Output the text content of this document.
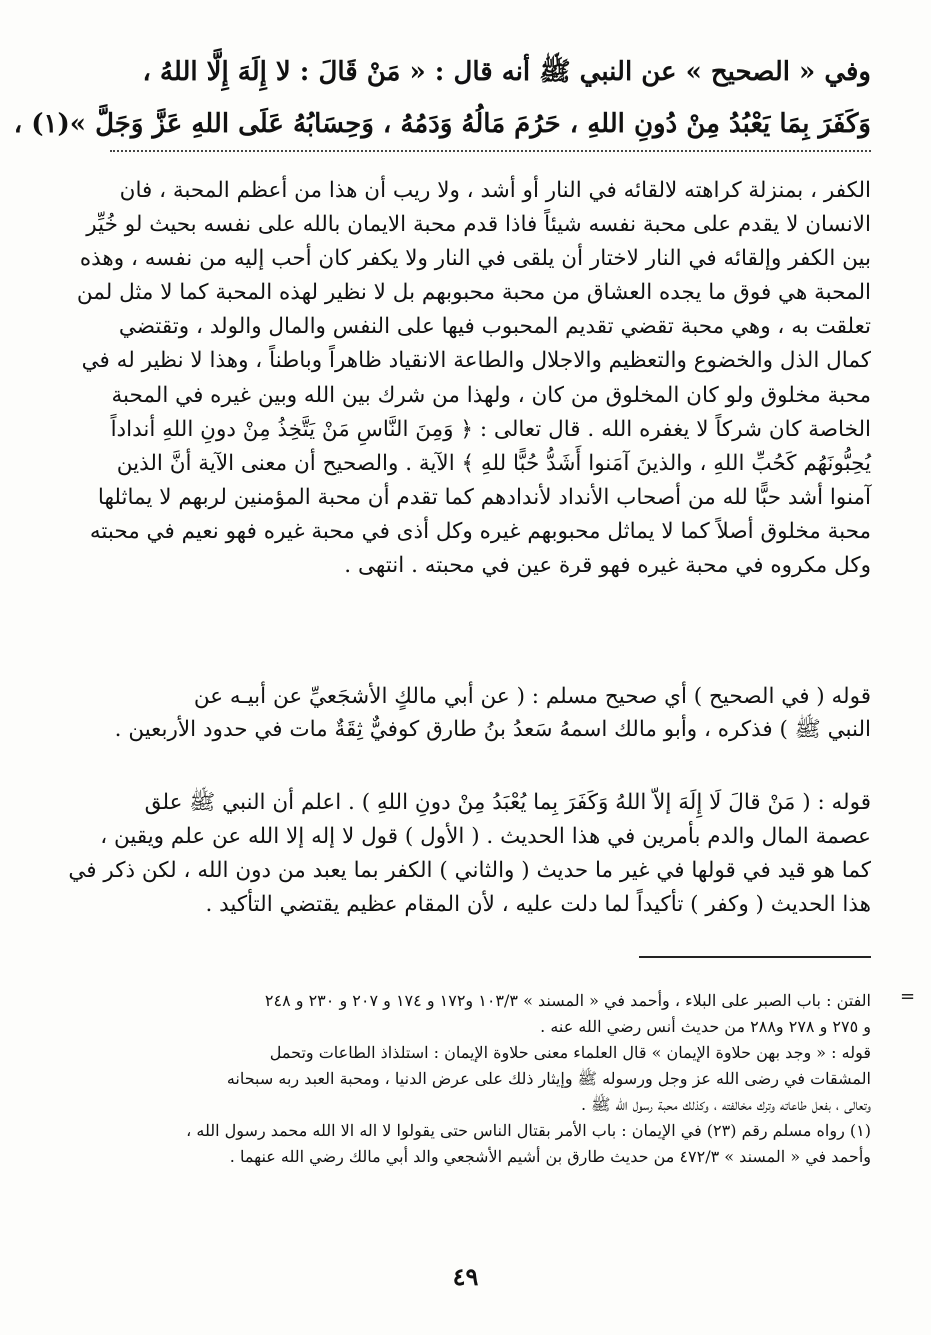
وفي « الصحيح » عن النبي ﷺ أنه قال : « مَنْ قَالَ : لا إِلَهَ إِلَّا اللهُ ،
وَكَفَرَ بِمَا يَعْبُدُ مِنْ دُونِ اللهِ ، حَرُمَ مَالُهُ وَدَمُهُ ، وَحِسَابُهُ عَلَى اللهِ عَزَّ وَجَلَّ »(١) ،
الكفر ، بمنزلة كراهته لالقائه في النار أو أشد ، ولا ريب أن هذا من أعظم المحبة ، فان
الانسان لا يقدم على محبة نفسه شيئاً فاذا قدم محبة الايمان بالله على نفسه بحيث لو خُيِّر
بين الكفر وإلقائه في النار لاختار أن يلقى في النار ولا يكفر كان أحب إليه من نفسه ، وهذه
المحبة هي فوق ما يجده العشاق من محبة محبوبهم بل لا نظير لهذه المحبة كما لا مثل لمن
تعلقت به ، وهي محبة تقضي تقديم المحبوب فيها على النفس والمال والولد ، وتقتضي
كمال الذل والخضوع والتعظيم والاجلال والطاعة الانقياد ظاهراً وباطناً ، وهذا لا نظير له في
محبة مخلوق ولو كان المخلوق من كان ، ولهذا من شرك بين الله وبين غيره في المحبة
الخاصة كان شركاً لا يغفره الله . قال تعالى : ﴿ وَمِنَ النَّاسِ مَنْ يَتَّخِذُ مِنْ دونِ اللهِ أنداداً
يُحِبُّونَهُم كَحُبِّ اللهِ ، والذينَ آمَنوا أَشَدُّ حُبًّا للهِ ﴾ الآية . والصحيح أن معنى الآية أنَّ الذين
آمنوا أشد حبًّا لله من أصحاب الأنداد لأندادهم كما تقدم أن محبة المؤمنين لربهم لا يماثلها
محبة مخلوق أصلاً كما لا يماثل محبوبهم غيره وكل أذى في محبة غيره فهو نعيم في محبته
وكل مكروه في محبة غيره فهو قرة عين في محبته . انتهى .
قوله ( في الصحيح ) أي صحيح مسلم : ( عن أبي مالكٍ الأشجَعيِّ عن أبيـه عن
النبي ﷺ ) فذكره ، وأبو مالك اسمهُ سَعدُ بنُ طارق كوفيٌّ ثِقَةٌ مات في حدود الأربعين .
قوله : ( مَنْ قالَ لَا إِلَهَ إلاّ اللهُ وَكَفَرَ بِما يُعْبَدُ مِنْ دونِ اللهِ ) . اعلم أن النبي ﷺ علق
عصمة المال والدم بأمرين في هذا الحديث . ( الأول ) قول لا إله إلا الله عن علم ويقين ،
كما هو قيد في قولها في غير ما حديث ( والثاني ) الكفر بما يعبد من دون الله ، لكن ذكر في
هذا الحديث ( وكفر ) تأكيداً لما دلت عليه ، لأن المقام عظيم يقتضي التأكيد .
=
الفتن : باب الصبر على البلاء ، وأحمد في « المسند » ١٠٣/٣ و١٧٢ و ١٧٤ و ٢٠٧ و ٢٣٠ و ٢٤٨
و ٢٧٥ و ٢٧٨ و٢٨٨ من حديث أنس رضي الله عنه .
قوله : « وجد بهن حلاوة الإيمان » قال العلماء معنى حلاوة الإيمان : استلذاذ الطاعات وتحمل
المشقات في رضى الله عز وجل ورسوله ﷺ وإيثار ذلك على عرض الدنيا ، ومحبة العبد ربه سبحانه
وتعالى ، بفعل طاعاته وترك مخالفته ، وكذلك محبة رسول الله ﷺ .
(١) رواه مسلم رقم (٢٣) في الإيمان : باب الأمر بقتال الناس حتى يقولوا لا اله الا الله محمد رسول الله ،
وأحمد في « المسند » ٤٧٢/٣ من حديث طارق بن أشيم الأشجعي والد أبي مالك رضي الله عنهما .
٤٩
